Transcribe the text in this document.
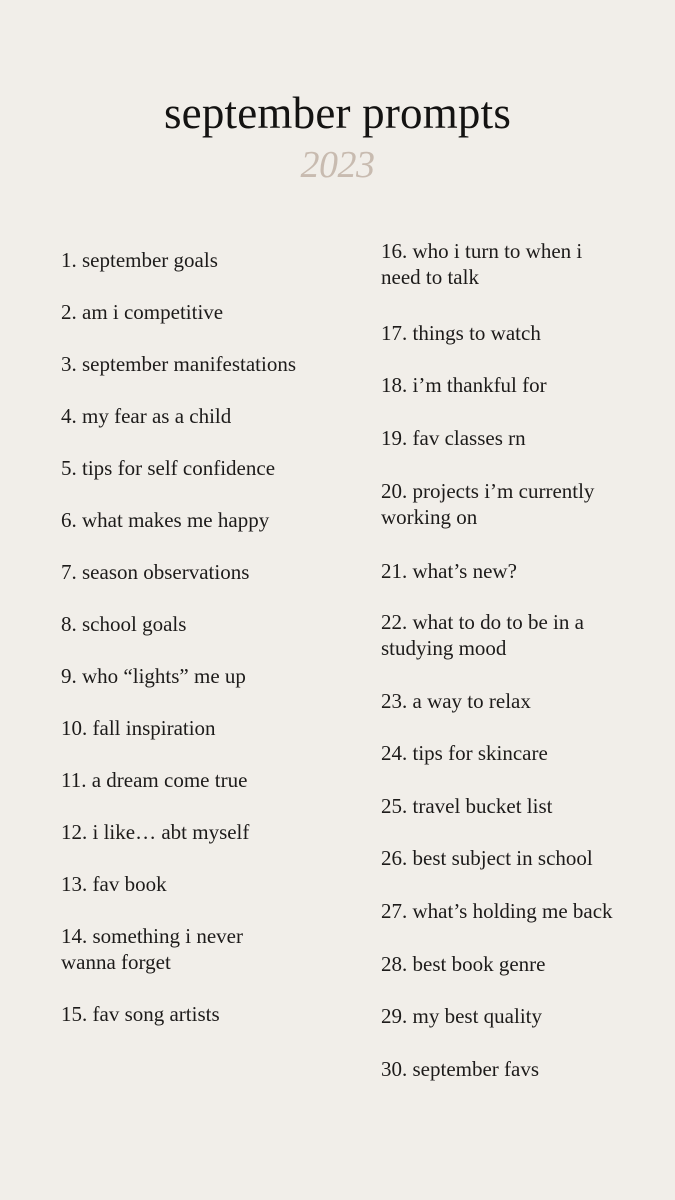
september prompts
2023
1. september goals
2. am i competitive
3. september manifestations
4. my fear as a child
5. tips for self confidence
6. what makes me happy
7. season observations
8. school goals
9. who “lights” me up
10. fall inspiration
11. a dream come true
12. i like… abt myself
13. fav book
14. something i never wanna forget
15. fav song artists
16. who i turn to when i need to talk
17. things to watch
18. i’m thankful for
19. fav classes rn
20. projects i’m currently working on
21. what’s new?
22. what to do to be in a studying mood
23. a way to relax
24. tips for skincare
25. travel bucket list
26. best subject in school
27. what’s holding me back
28. best book genre
29. my best quality
30. september favs
